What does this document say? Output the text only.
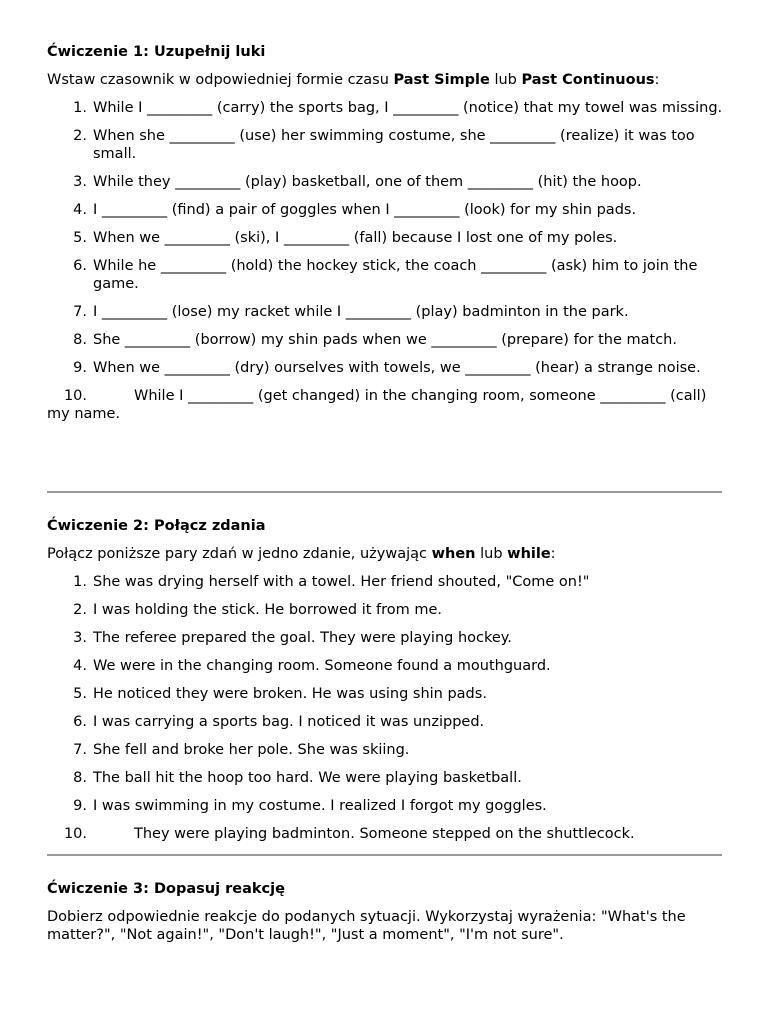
Ćwiczenie 1: Uzupełnij luki

Wstaw czasownik w odpowiedniej formie czasu Past Simple lub Past Continuous:

1. While I _________ (carry) the sports bag, I _________ (notice) that my towel was missing.
2. When she _________ (use) her swimming costume, she _________ (realize) it was too small.
3. While they _________ (play) basketball, one of them _________ (hit) the hoop.
4. I _________ (find) a pair of goggles when I _________ (look) for my shin pads.
5. When we _________ (ski), I _________ (fall) because I lost one of my poles.
6. While he _________ (hold) the hockey stick, the coach _________ (ask) him to join the game.
7. I _________ (lose) my racket while I _________ (play) badminton in the park.
8. She _________ (borrow) my shin pads when we _________ (prepare) for the match.
9. When we _________ (dry) ourselves with towels, we _________ (hear) a strange noise.
10.	While I _________ (get changed) in the changing room, someone _________ (call) my name.

Ćwiczenie 2: Połącz zdania

Połącz poniższe pary zdań w jedno zdanie, używając when lub while:

1. She was drying herself with a towel. Her friend shouted, "Come on!"
2. I was holding the stick. He borrowed it from me.
3. The referee prepared the goal. They were playing hockey.
4. We were in the changing room. Someone found a mouthguard.
5. He noticed they were broken. He was using shin pads.
6. I was carrying a sports bag. I noticed it was unzipped.
7. She fell and broke her pole. She was skiing.
8. The ball hit the hoop too hard. We were playing basketball.
9. I was swimming in my costume. I realized I forgot my goggles.
10.	They were playing badminton. Someone stepped on the shuttlecock.

Ćwiczenie 3: Dopasuj reakcję

Dobierz odpowiednie reakcje do podanych sytuacji. Wykorzystaj wyrażenia: "What's the matter?", "Not again!", "Don't laugh!", "Just a moment", "I'm not sure".
